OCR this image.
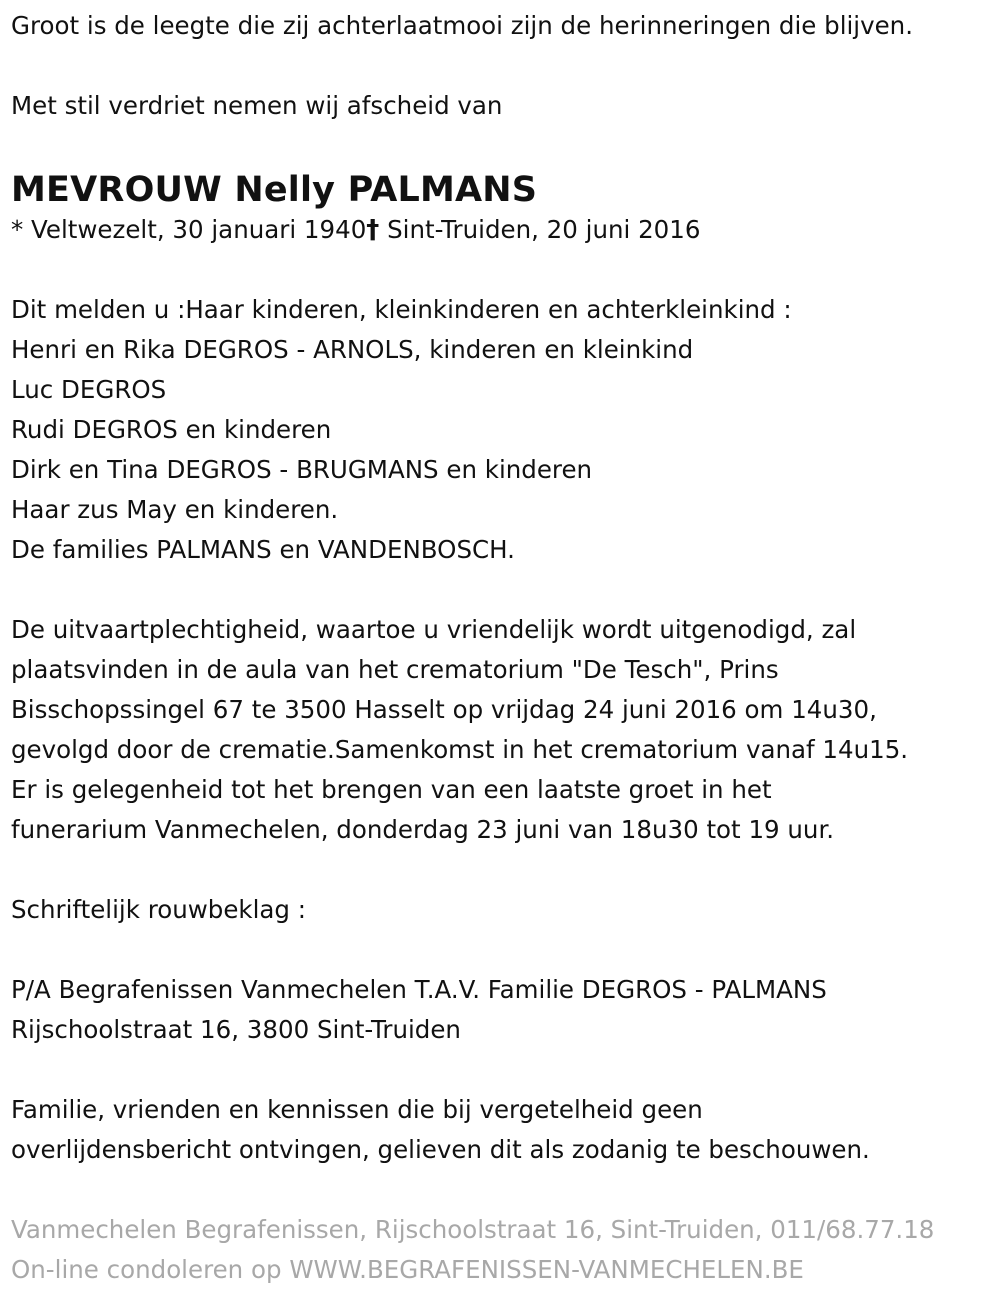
Groot is de leegte die zij achterlaatmooi zijn de herinneringen die blijven.

Met stil verdriet nemen wij afscheid van

MEVROUW Nelly PALMANS
* Veltwezelt, 30 januari 1940† Sint-Truiden, 20 juni 2016

Dit melden u :Haar kinderen, kleinkinderen en achterkleinkind :

Henri en Rika DEGROS - ARNOLS, kinderen en kleinkind

Luc DEGROS

Rudi DEGROS en kinderen

Dirk en Tina DEGROS - BRUGMANS en kinderen

Haar zus May en kinderen.

De families PALMANS en VANDENBOSCH.

De uitvaartplechtigheid, waartoe u vriendelijk wordt uitgenodigd, zal

plaatsvinden in de aula van het crematorium "De Tesch", Prins

Bisschopssingel 67 te 3500 Hasselt op vrijdag 24 juni 2016 om 14u30,

gevolgd door de crematie.Samenkomst in het crematorium vanaf 14u15.

Er is gelegenheid tot het brengen van een laatste groet in het

funerarium Vanmechelen, donderdag 23 juni van 18u30 tot 19 uur.

Schriftelijk rouwbeklag :

P/A Begrafenissen Vanmechelen T.A.V. Familie DEGROS - PALMANS

Rijschoolstraat 16, 3800 Sint-Truiden

Familie, vrienden en kennissen die bij vergetelheid geen

overlijdensbericht ontvingen, gelieven dit als zodanig te beschouwen.

Vanmechelen Begrafenissen, Rijschoolstraat 16, Sint-Truiden, 011/68.77.18

On-line condoleren op WWW.BEGRAFENISSEN-VANMECHELEN.BE
